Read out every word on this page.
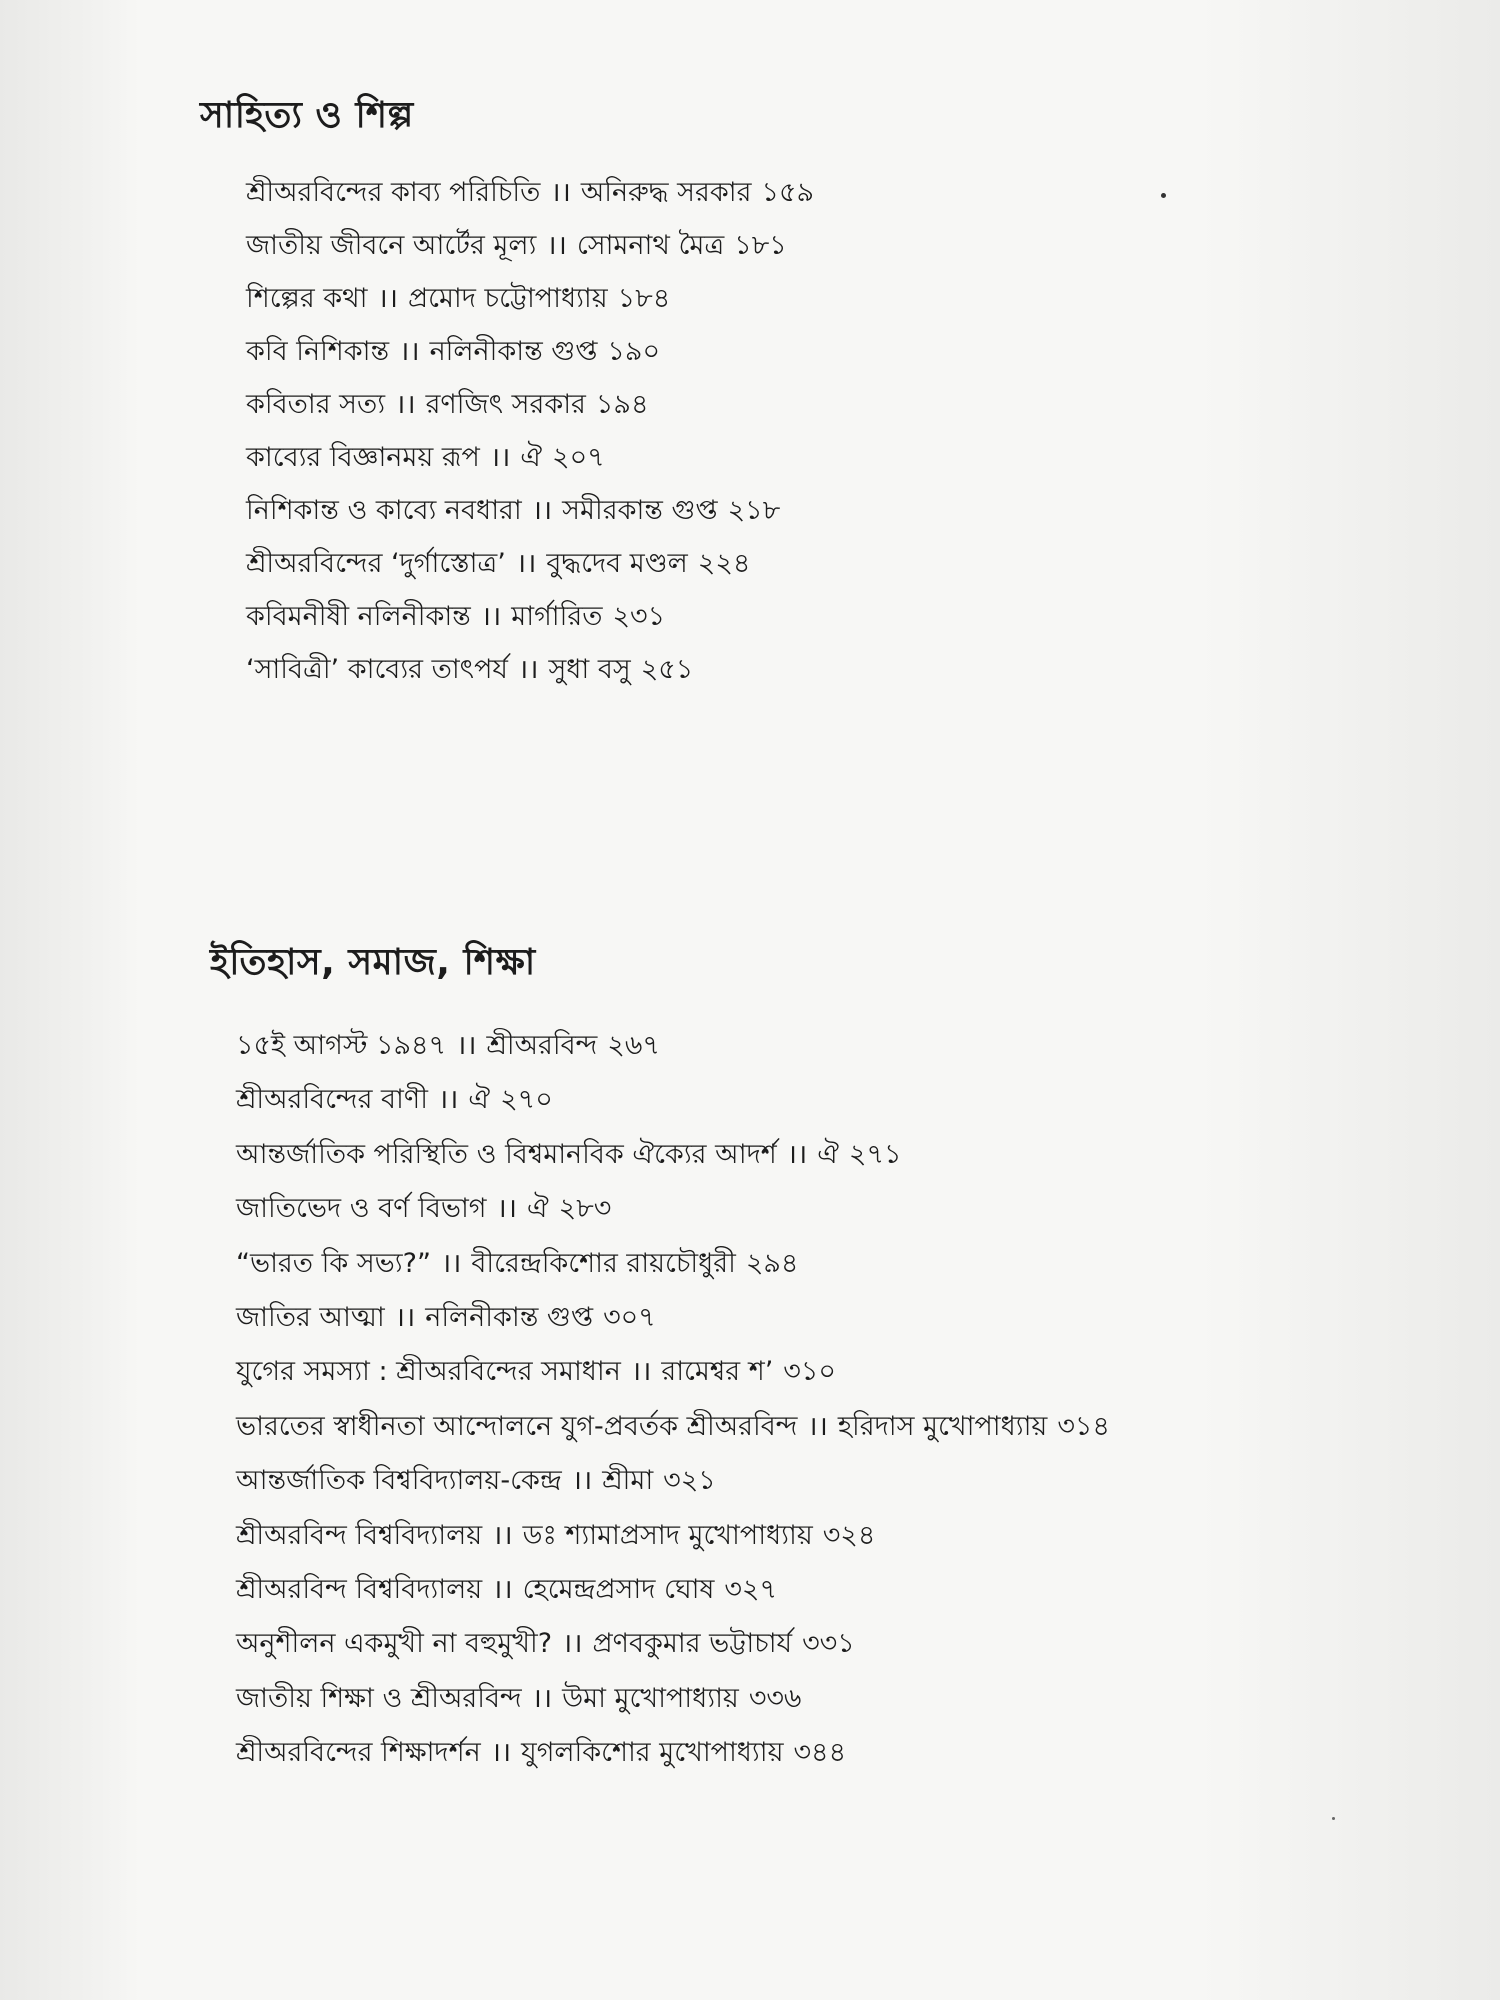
সাহিত্য ও শিল্প
শ্রীঅরবিন্দের কাব্য পরিচিতি ।। অনিরুদ্ধ সরকার ১৫৯
জাতীয় জীবনে আর্টের মূল্য ।। সোমনাথ মৈত্র ১৮১
শিল্পের কথা ।। প্রমোদ চট্টোপাধ্যায় ১৮৪
কবি নিশিকান্ত ।। নলিনীকান্ত গুপ্ত ১৯০
কবিতার সত্য ।। রণজিৎ সরকার ১৯৪
কাব্যের বিজ্ঞানময় রূপ ।। ঐ ২০৭
নিশিকান্ত ও কাব্যে নবধারা ।। সমীরকান্ত গুপ্ত ২১৮
শ্রীঅরবিন্দের ‘দুর্গাস্তোত্র’ ।। বুদ্ধদেব মণ্ডল ২২৪
কবিমনীষী নলিনীকান্ত ।। মার্গারিত ২৩১
‘সাবিত্রী’ কাব্যের তাৎপর্য ।। সুধা বসু ২৫১
ইতিহাস, সমাজ, শিক্ষা
১৫ই আগস্ট ১৯৪৭ ।। শ্রীঅরবিন্দ ২৬৭
শ্রীঅরবিন্দের বাণী ।। ঐ ২৭০
আন্তর্জাতিক পরিস্থিতি ও বিশ্বমানবিক ঐক্যের আদর্শ ।। ঐ ২৭১
জাতিভেদ ও বর্ণ বিভাগ ।। ঐ ২৮৩
“ভারত কি সভ্য?” ।। বীরেন্দ্রকিশোর রায়চৌধুরী ২৯৪
জাতির আত্মা ।। নলিনীকান্ত গুপ্ত ৩০৭
যুগের সমস্যা : শ্রীঅরবিন্দের সমাধান ।। রামেশ্বর শ’ ৩১০
ভারতের স্বাধীনতা আন্দোলনে যুগ-প্রবর্তক শ্রীঅরবিন্দ ।। হরিদাস মুখোপাধ্যায় ৩১৪
আন্তর্জাতিক বিশ্ববিদ্যালয়-কেন্দ্র ।। শ্রীমা ৩২১
শ্রীঅরবিন্দ বিশ্ববিদ্যালয় ।। ডঃ শ্যামাপ্রসাদ মুখোপাধ্যায় ৩২৪
শ্রীঅরবিন্দ বিশ্ববিদ্যালয় ।। হেমেন্দ্রপ্রসাদ ঘোষ ৩২৭
অনুশীলন একমুখী না বহুমুখী? ।। প্রণবকুমার ভট্টাচার্য ৩৩১
জাতীয় শিক্ষা ও শ্রীঅরবিন্দ ।। উমা মুখোপাধ্যায় ৩৩৬
শ্রীঅরবিন্দের শিক্ষাদর্শন ।। যুগলকিশোর মুখোপাধ্যায় ৩৪৪
